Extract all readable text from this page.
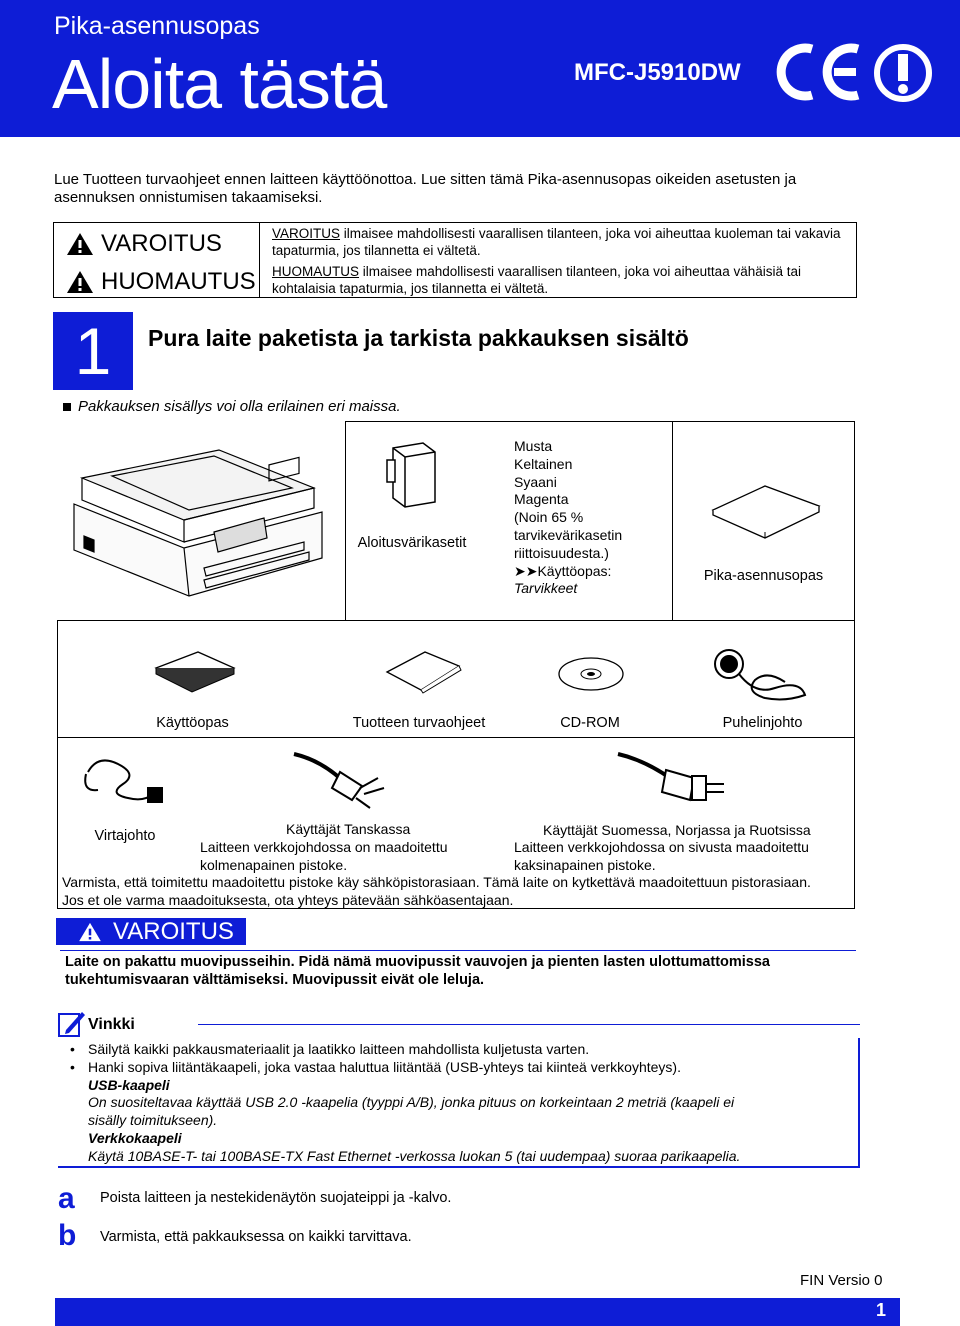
Pika-asennusopas
Aloita tästä	MFC-J5910DW
Lue Tuotteen turvaohjeet ennen laitteen käyttöönottoa. Lue sitten tämä Pika-asennusopas oikeiden asetusten ja asennuksen onnistumisen takaamiseksi.
VAROITUS
HUOMAUTUS
VAROITUS ilmaisee mahdollisesti vaarallisen tilanteen, joka voi aiheuttaa kuoleman tai vakavia tapaturmia, jos tilannetta ei vältetä.
HUOMAUTUS ilmaisee mahdollisesti vaarallisen tilanteen, joka voi aiheuttaa vähäisiä tai kohtalaisia tapaturmia, jos tilannetta ei vältetä.
1	Pura laite paketista ja tarkista pakkauksen sisältö
Pakkauksen sisällys voi olla erilainen eri maissa.
Aloitusvärikasetit
Musta
Keltainen
Syaani
Magenta
(Noin 65 %
tarvikevärikasetin
riittoisuudesta.)
➤➤Käyttöopas:
Tarvikkeet
Pika-asennusopas
Käyttöopas	Tuotteen turvaohjeet	CD-ROM	Puhelinjohto
Virtajohto	Käyttäjät Tanskassa	Käyttäjät Suomessa, Norjassa ja Ruotsissa
Laitteen verkkojohdossa on maadoitettu
kolmenapainen pistoke.
Laitteen verkkojohdossa on sivusta maadoitettu
kaksinapainen pistoke.
Varmista, että toimitettu maadoitettu pistoke käy sähköpistorasiaan. Tämä laite on kytkettävä maadoitettuun pistorasiaan.
Jos et ole varma maadoituksesta, ota yhteys pätevään sähköasentajaan.
VAROITUS
Laite on pakattu muovipusseihin. Pidä nämä muovipussit vauvojen ja pienten lasten ulottumattomissa
tukehtumisvaaran välttämiseksi. Muovipussit eivät ole leluja.
Vinkki
• Säilytä kaikki pakkausmateriaalit ja laatikko laitteen mahdollista kuljetusta varten.
• Hanki sopiva liitäntäkaapeli, joka vastaa haluttua liitäntää (USB-yhteys tai kiinteä verkkoyhteys).
USB-kaapeli
On suositeltavaa käyttää USB 2.0 -kaapelia (tyyppi A/B), jonka pituus on korkeintaan 2 metriä (kaapeli ei
sisälly toimitukseen).
Verkkokaapeli
Käytä 10BASE-T- tai 100BASE-TX Fast Ethernet -verkossa luokan 5 (tai uudempaa) suoraa parikaapelia.
a Poista laitteen ja nestekidenäytön suojateippi ja -kalvo.
b Varmista, että pakkauksessa on kaikki tarvittava.
FIN Versio 0
1
